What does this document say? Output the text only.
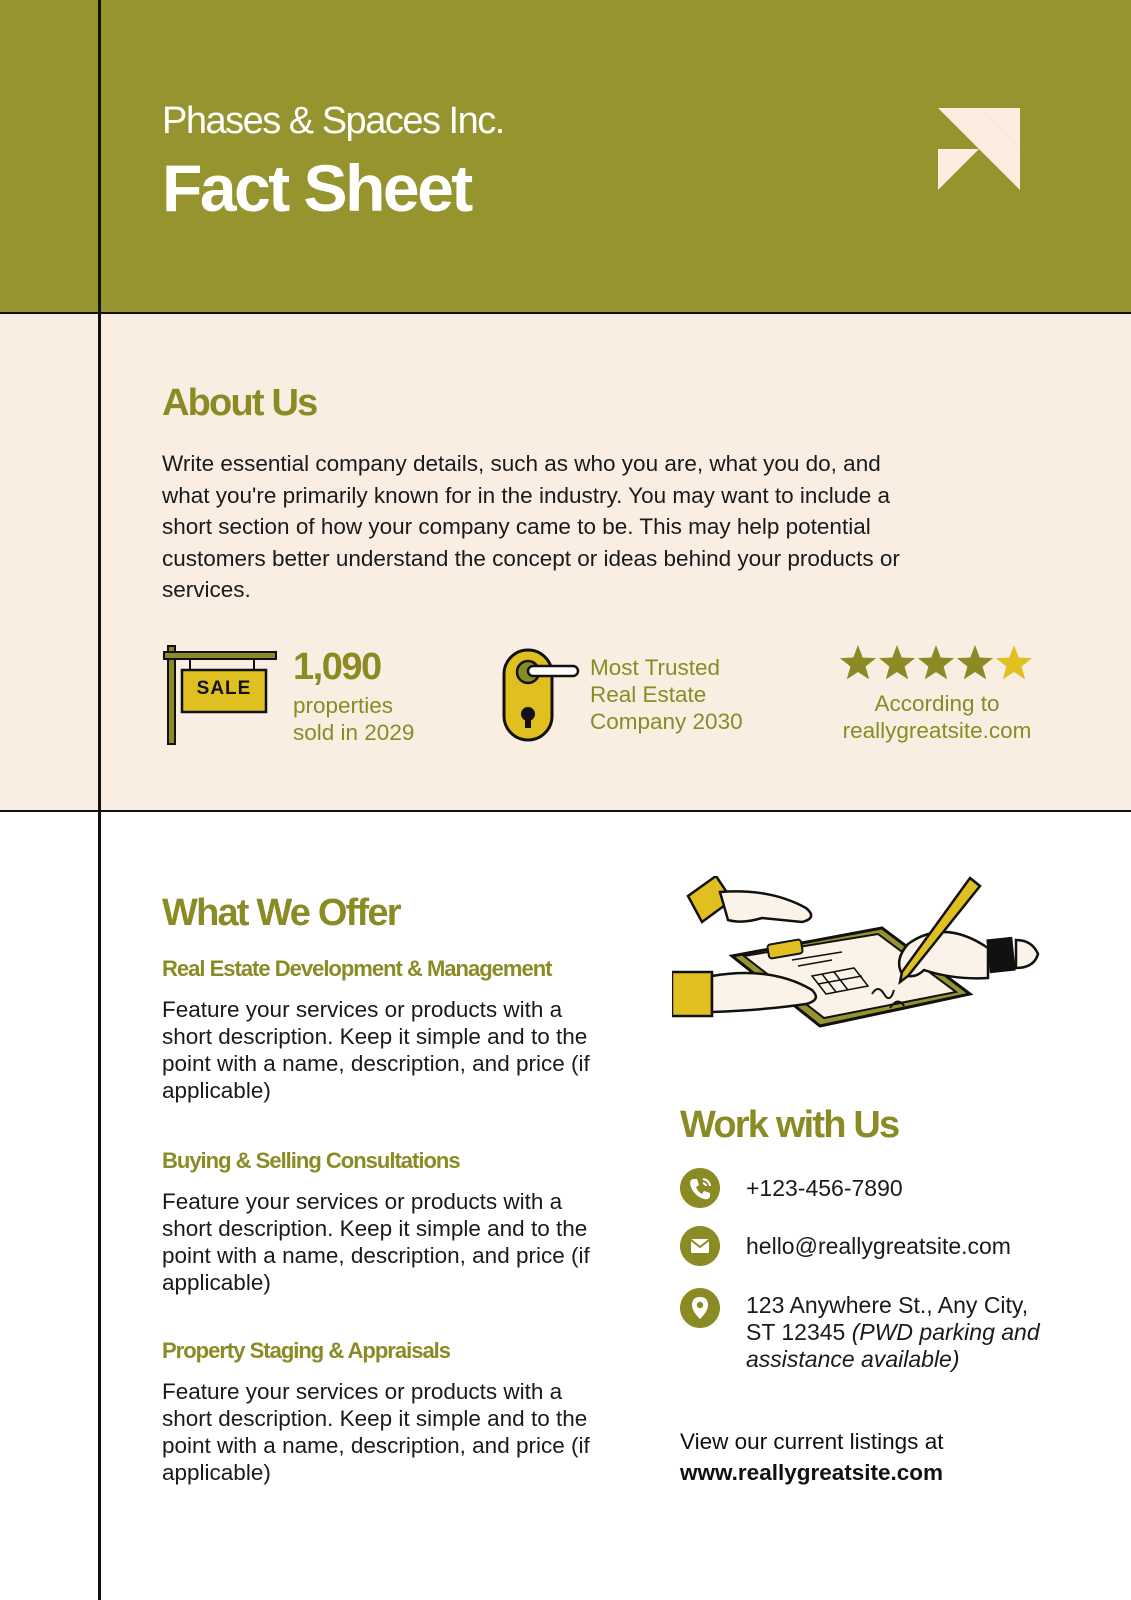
Phases & Spaces Inc.
Fact Sheet
About Us
Write essential company details, such as who you are, what you do, and what you're primarily known for in the industry. You may want to include a short section of how your company came to be. This may help potential customers better understand the concept or ideas behind your products or services.
SALE
1,090
properties
sold in 2029
Most Trusted
Real Estate
Company 2030
According to
reallygreatsite.com
What We Offer
Real Estate Development & Management
Feature your services or products with a short description. Keep it simple and to the point with a name, description, and price (if applicable)
Buying & Selling Consultations
Feature your services or products with a short description. Keep it simple and to the point with a name, description, and price (if applicable)
Property Staging & Appraisals
Feature your services or products with a short description. Keep it simple and to the point with a name, description, and price (if applicable)
Work with Us
+123-456-7890
hello@reallygreatsite.com
123 Anywhere St., Any City,
ST 12345 (PWD parking and
assistance available)
View our current listings at
www.reallygreatsite.com
